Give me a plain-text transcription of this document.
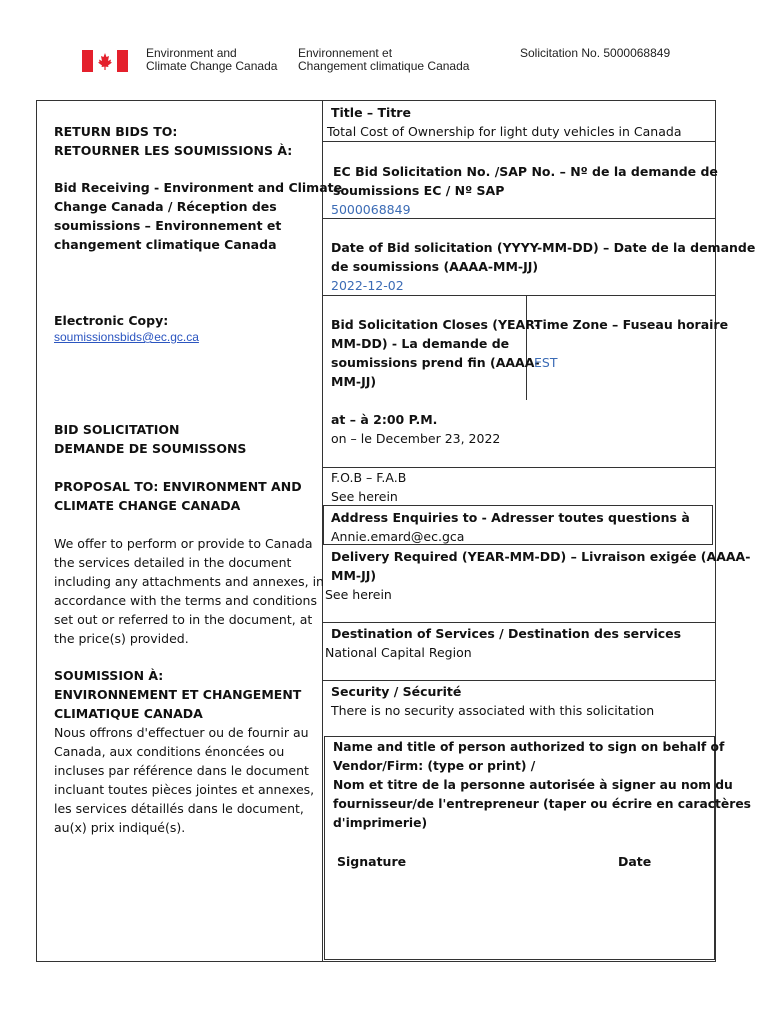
Environment and
Climate Change Canada
Environnement et
Changement climatique Canada
Solicitation No. 5000068849
RETURN BIDS TO:
RETOURNER LES SOUMISSIONS À:
Bid Receiving - Environment and Climate
Change Canada / Réception des
soumissions – Environnement et
changement climatique Canada
Electronic Copy:
soumissionsbids@ec.gc.ca
BID SOLICITATION
DEMANDE DE SOUMISSONS
PROPOSAL TO: ENVIRONMENT AND
CLIMATE CHANGE CANADA
We offer to perform or provide to Canada
the services detailed in the document
including any attachments and annexes, in
accordance with the terms and conditions
set out or referred to in the document, at
the price(s) provided.
SOUMISSION À:
ENVIRONNEMENT ET CHANGEMENT
CLIMATIQUE CANADA
Nous offrons d'effectuer ou de fournir au
Canada, aux conditions énoncées ou
incluses par référence dans le document
incluant toutes pièces jointes et annexes,
les services détaillés dans le document,
au(x) prix indiqué(s).
Title – Titre
Total Cost of Ownership for light duty vehicles in Canada
EC Bid Solicitation No. /SAP No. – Nº de la demande de
soumissions EC / Nº SAP
5000068849
Date of Bid solicitation (YYYY-MM-DD) – Date de la demande
de soumissions (AAAA-MM-JJ)
2022-12-02
Bid Solicitation Closes (YEAR-
MM-DD) - La demande de
soumissions prend fin (AAAA-
MM-JJ)
Time Zone – Fuseau horaire
EST
at – à 2:00 P.M.
on – le December 23, 2022
F.O.B – F.A.B
See herein
Address Enquiries to - Adresser toutes questions à
Annie.emard@ec.gca
Delivery Required (YEAR-MM-DD) – Livraison exigée (AAAA-
MM-JJ)
See herein
Destination of Services / Destination des services
National Capital Region
Security / Sécurité
There is no security associated with this solicitation
Name and title of person authorized to sign on behalf of
Vendor/Firm: (type or print) /
Nom et titre de la personne autorisée à signer au nom du
fournisseur/de l'entrepreneur (taper ou écrire en caractères
d'imprimerie)
Signature	Date
